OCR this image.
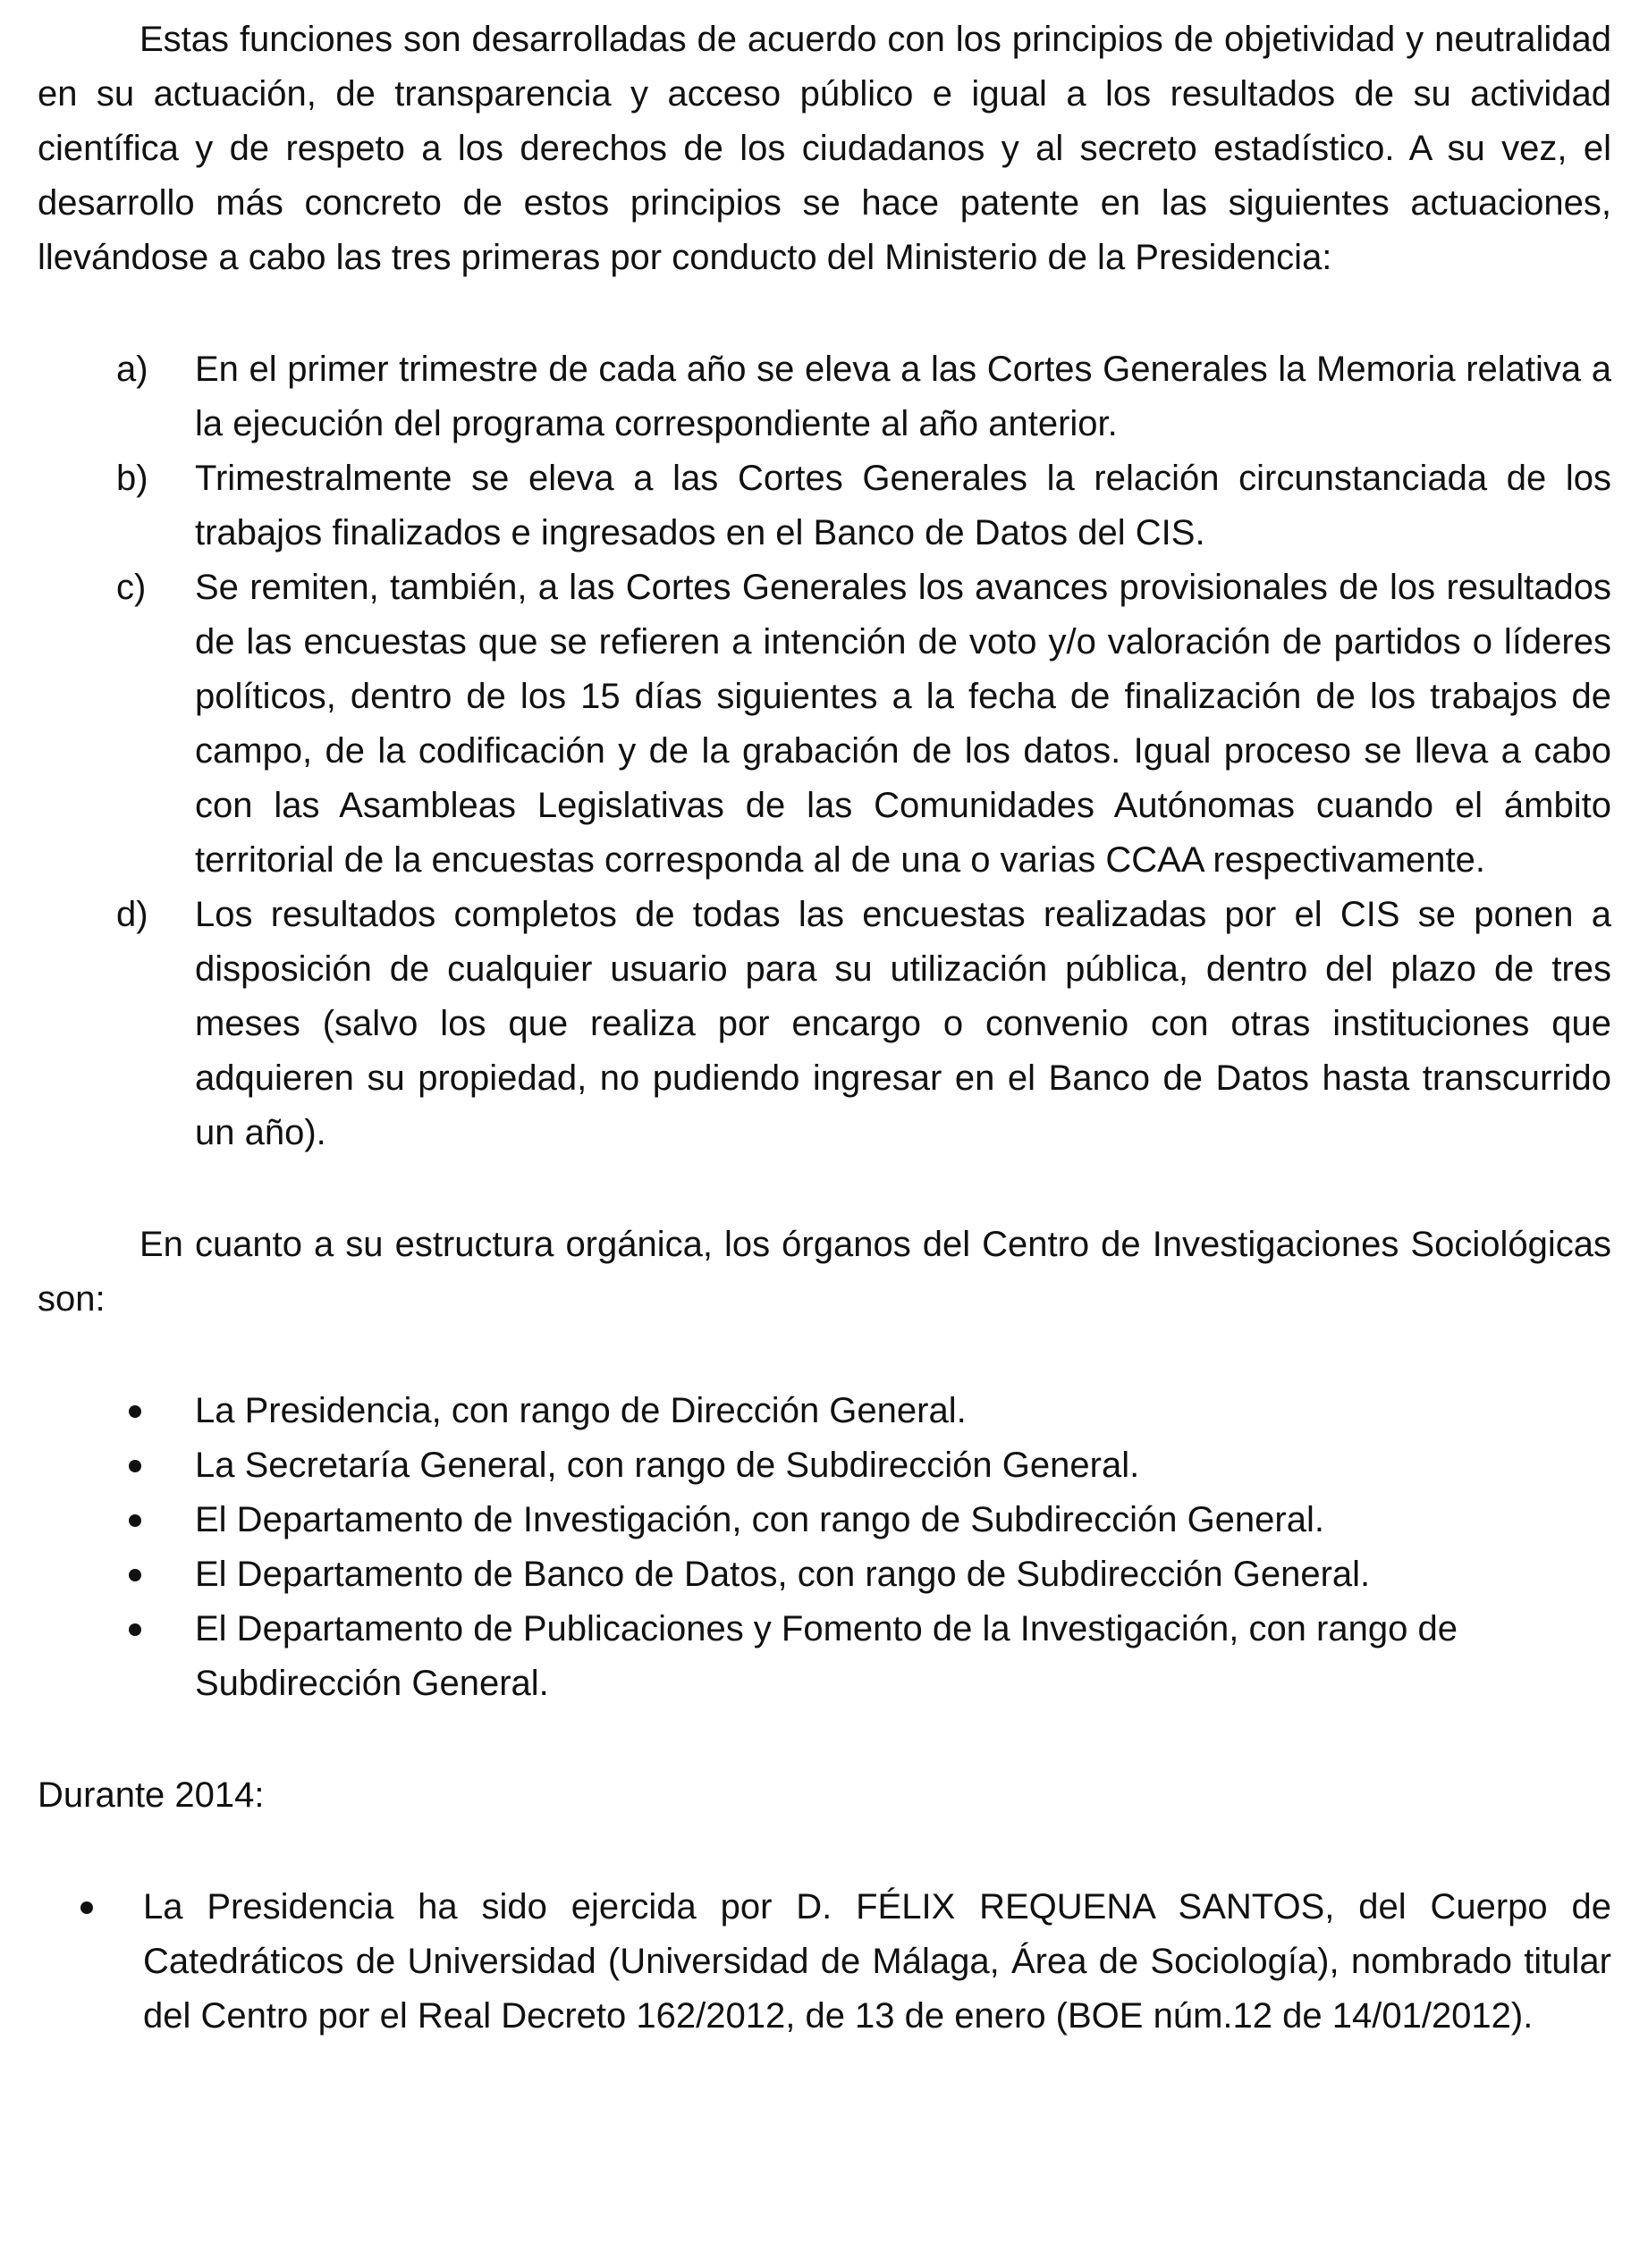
Estas funciones son desarrolladas de acuerdo con los principios de objetividad y neutralidad en su actuación, de transparencia y acceso público e igual a los resultados de su actividad científica y de respeto a los derechos de los ciudadanos y al secreto estadístico. A su vez, el desarrollo más concreto de estos principios se hace patente en las siguientes actuaciones, llevándose a cabo las tres primeras por conducto del Ministerio de la Presidencia:

a) En el primer trimestre de cada año se eleva a las Cortes Generales la Memoria relativa a la ejecución del programa correspondiente al año anterior.
b) Trimestralmente se eleva a las Cortes Generales la relación circunstanciada de los trabajos finalizados e ingresados en el Banco de Datos del CIS.
c) Se remiten, también, a las Cortes Generales los avances provisionales de los resultados de las encuestas que se refieren a intención de voto y/o valoración de partidos o líderes políticos, dentro de los 15 días siguientes a la fecha de finalización de los trabajos de campo, de la codificación y de la grabación de los datos. Igual proceso se lleva a cabo con las Asambleas Legislativas de las Comunidades Autónomas cuando el ámbito territorial de la encuestas corresponda al de una o varias CCAA respectivamente.
d) Los resultados completos de todas las encuestas realizadas por el CIS se ponen a disposición de cualquier usuario para su utilización pública, dentro del plazo de tres meses (salvo los que realiza por encargo o convenio con otras instituciones que adquieren su propiedad, no pudiendo ingresar en el Banco de Datos hasta transcurrido un año).

En cuanto a su estructura orgánica, los órganos del Centro de Investigaciones Sociológicas son:

La Presidencia, con rango de Dirección General.
La Secretaría General, con rango de Subdirección General.
El Departamento de Investigación, con rango de Subdirección General.
El Departamento de Banco de Datos, con rango de Subdirección General.
El Departamento de Publicaciones y Fomento de la Investigación, con rango de Subdirección General.

Durante 2014:

La Presidencia ha sido ejercida por D. FÉLIX REQUENA SANTOS, del Cuerpo de Catedráticos de Universidad (Universidad de Málaga, Área de Sociología), nombrado titular del Centro por el Real Decreto 162/2012, de 13 de enero (BOE núm.12 de 14/01/2012).
